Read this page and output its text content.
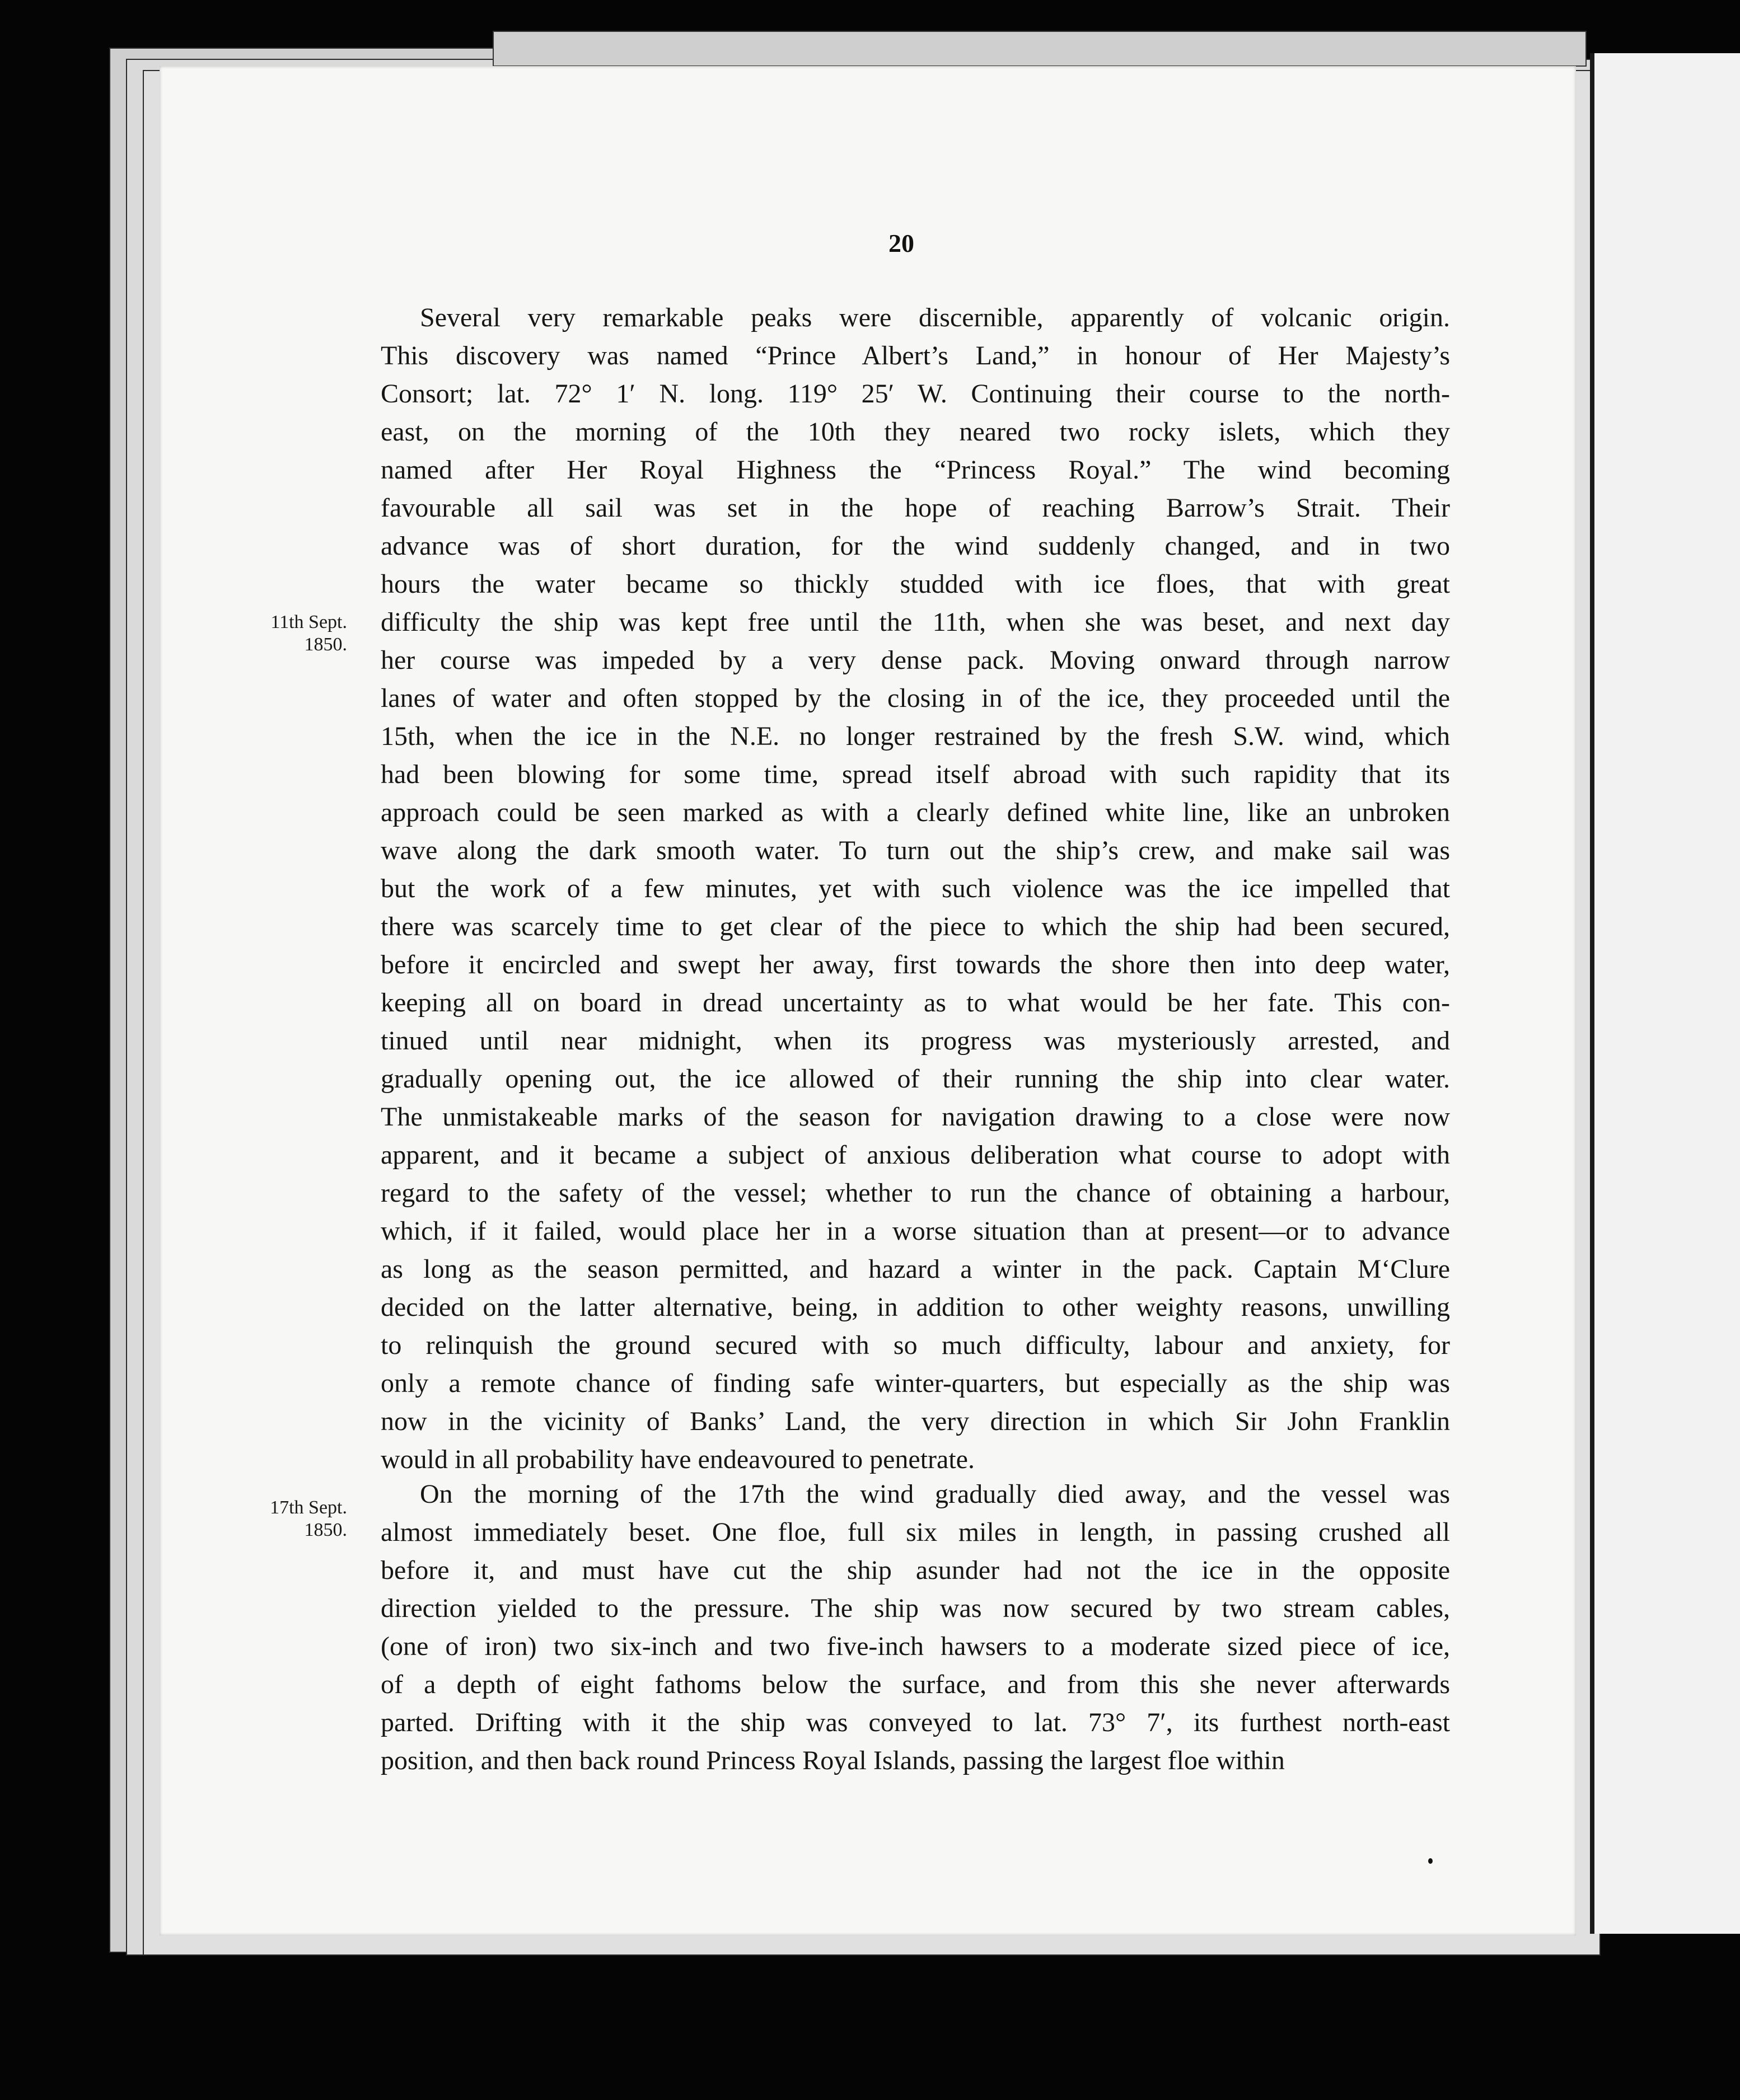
20
11th Sept.
1850.
17th Sept.
1850.
Several very remarkable peaks were discernible, apparently of volcanic origin.
This discovery was named “Prince Albert’s Land,” in honour of Her Majesty’s
Consort; lat. 72° 1′ N. long. 119° 25′ W. Continuing their course to the north-
east, on the morning of the 10th they neared two rocky islets, which they
named after Her Royal Highness the “Princess Royal.” The wind becoming
favourable all sail was set in the hope of reaching Barrow’s Strait. Their
advance was of short duration, for the wind suddenly changed, and in two
hours the water became so thickly studded with ice floes, that with great
difficulty the ship was kept free until the 11th, when she was beset, and next day
her course was impeded by a very dense pack. Moving onward through narrow
lanes of water and often stopped by the closing in of the ice, they proceeded until the
15th, when the ice in the N.E. no longer restrained by the fresh S.W. wind, which
had been blowing for some time, spread itself abroad with such rapidity that its
approach could be seen marked as with a clearly defined white line, like an unbroken
wave along the dark smooth water. To turn out the ship’s crew, and make sail was
but the work of a few minutes, yet with such violence was the ice impelled that
there was scarcely time to get clear of the piece to which the ship had been secured,
before it encircled and swept her away, first towards the shore then into deep water,
keeping all on board in dread uncertainty as to what would be her fate. This con-
tinued until near midnight, when its progress was mysteriously arrested, and
gradually opening out, the ice allowed of their running the ship into clear water.
The unmistakeable marks of the season for navigation drawing to a close were now
apparent, and it became a subject of anxious deliberation what course to adopt with
regard to the safety of the vessel; whether to run the chance of obtaining a harbour,
which, if it failed, would place her in a worse situation than at present—or to advance
as long as the season permitted, and hazard a winter in the pack. Captain M‘Clure
decided on the latter alternative, being, in addition to other weighty reasons, unwilling
to relinquish the ground secured with so much difficulty, labour and anxiety, for
only a remote chance of finding safe winter-quarters, but especially as the ship was
now in the vicinity of Banks’ Land, the very direction in which Sir John Franklin
would in all probability have endeavoured to penetrate.
On the morning of the 17th the wind gradually died away, and the vessel was
almost immediately beset. One floe, full six miles in length, in passing crushed all
before it, and must have cut the ship asunder had not the ice in the opposite
direction yielded to the pressure. The ship was now secured by two stream cables,
(one of iron) two six-inch and two five-inch hawsers to a moderate sized piece of ice,
of a depth of eight fathoms below the surface, and from this she never afterwards
parted. Drifting with it the ship was conveyed to lat. 73° 7′, its furthest north-east
position, and then back round Princess Royal Islands, passing the largest floe within
